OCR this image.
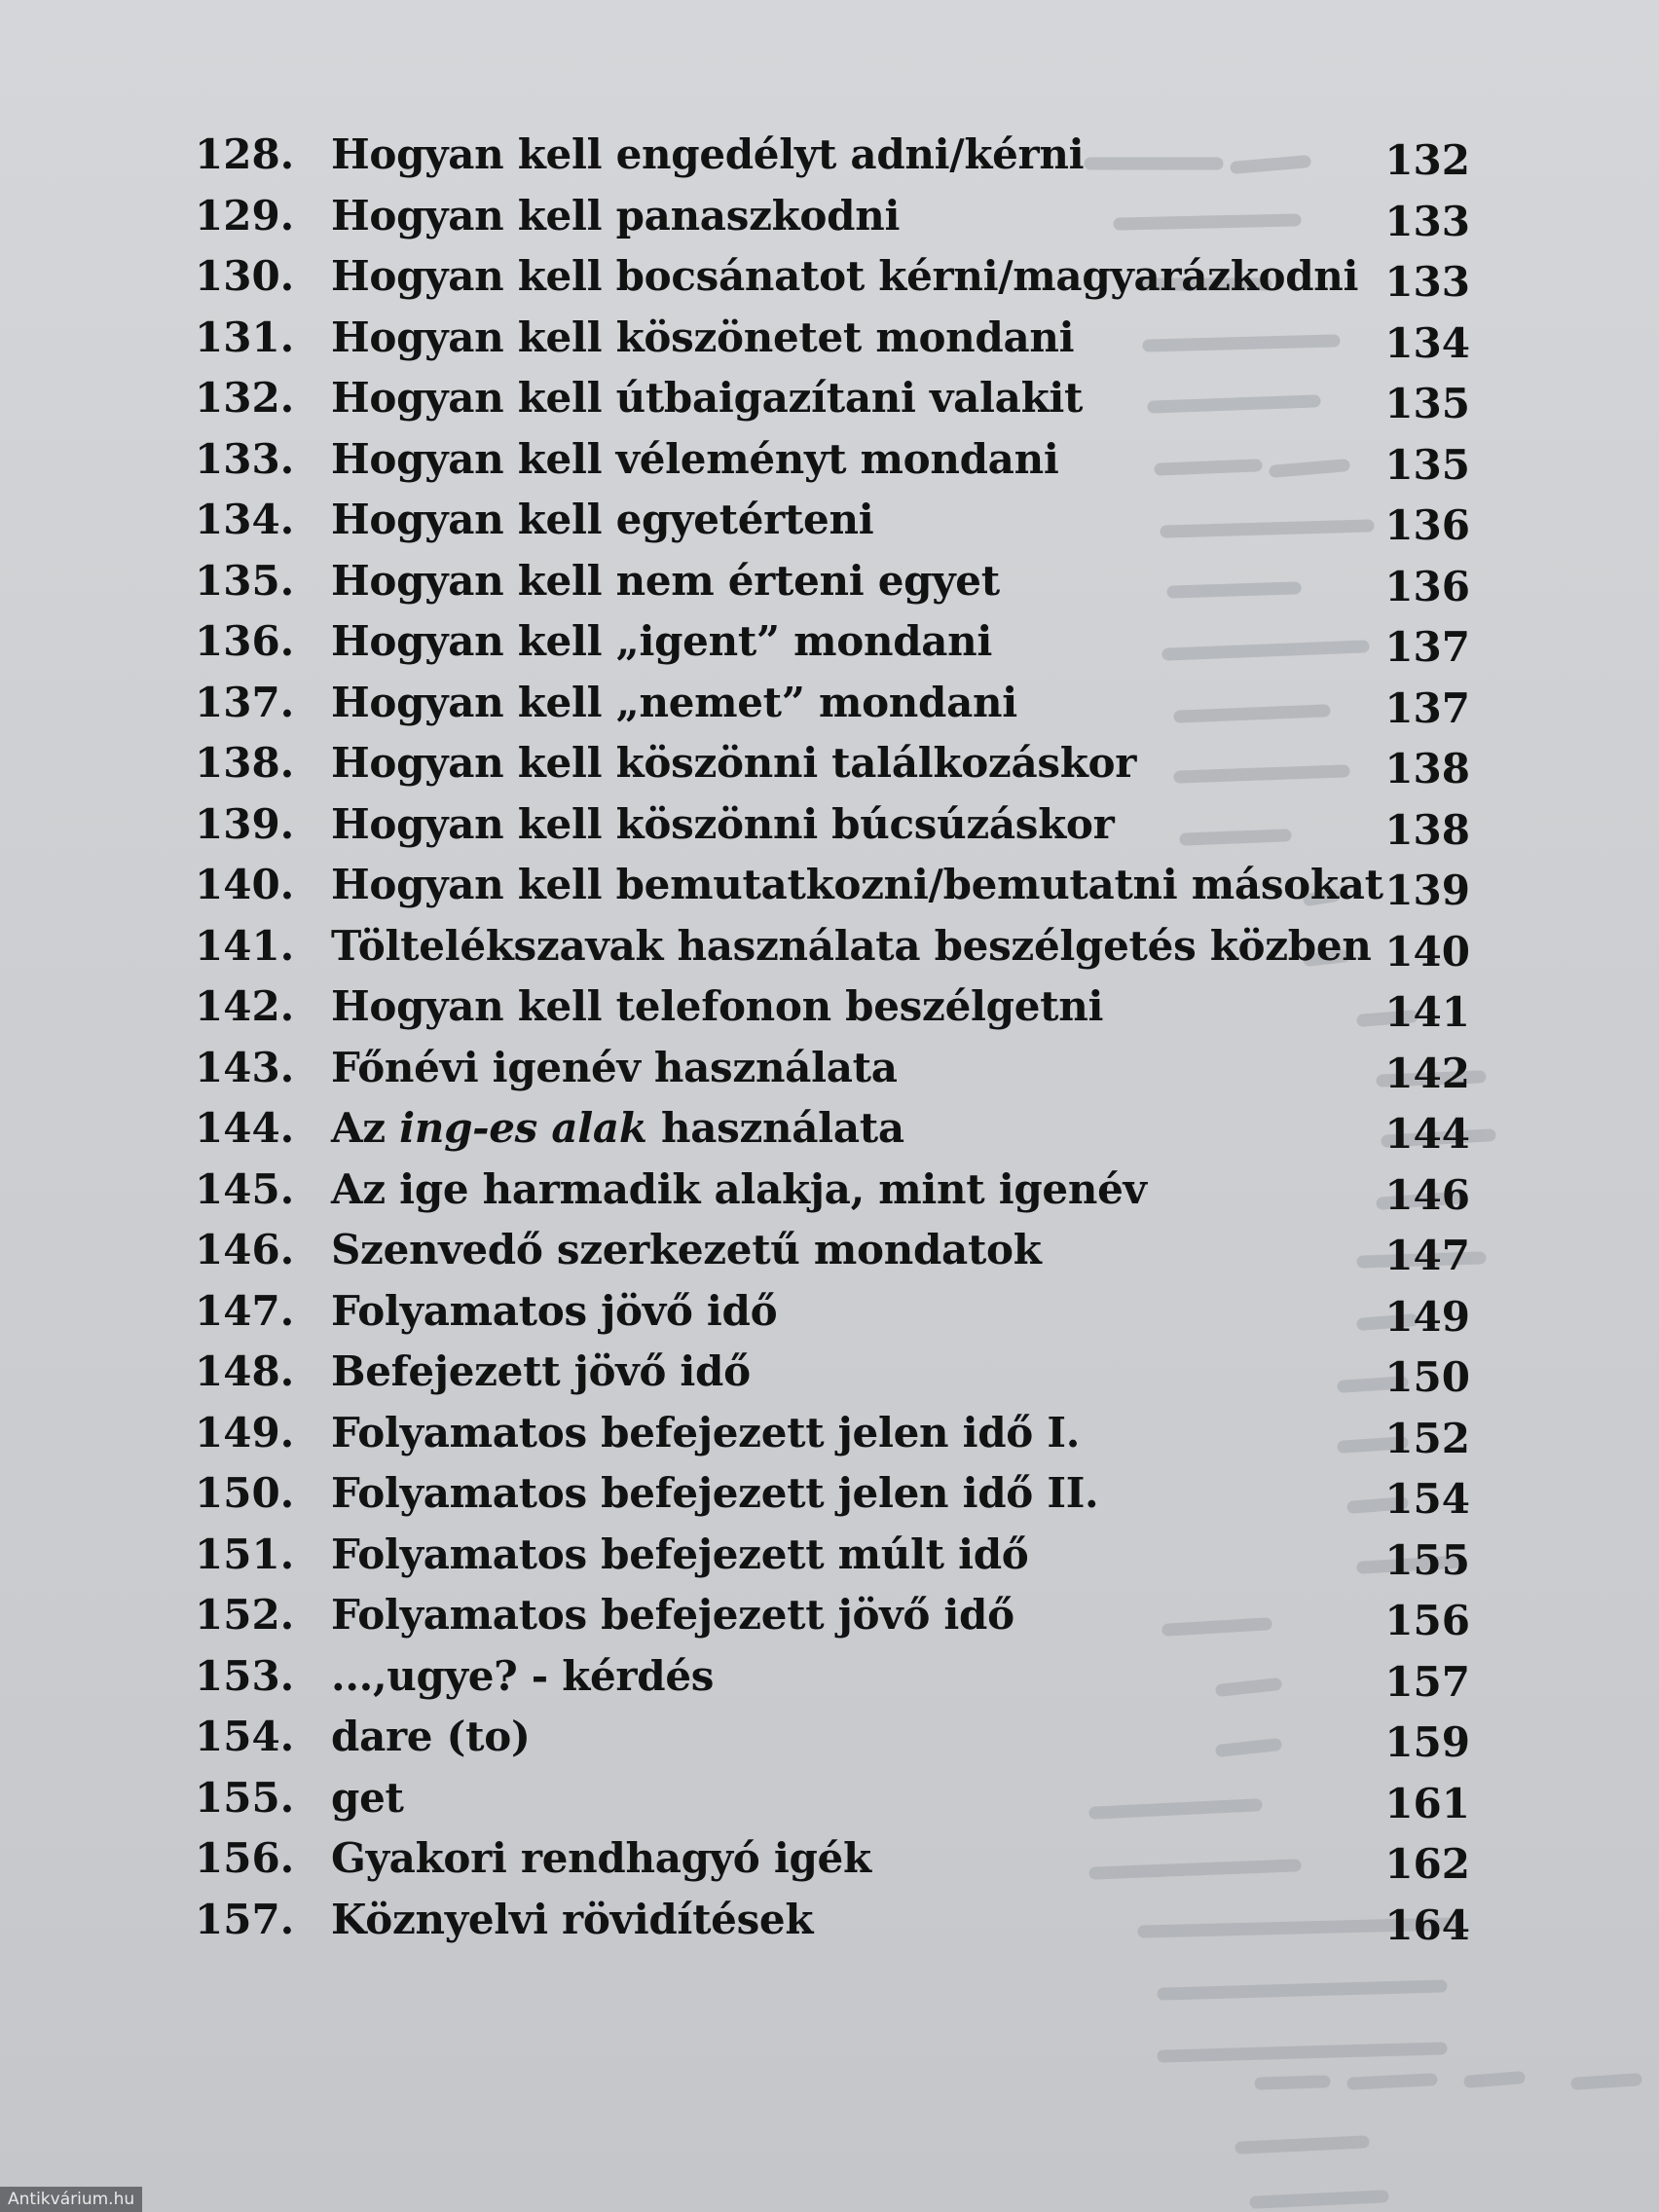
128. Hogyan kell engedélyt adni/kérni	132
129. Hogyan kell panaszkodni	133
130. Hogyan kell bocsánatot kérni/magyarázkodni 133
131. Hogyan kell köszönetet mondani	134
132. Hogyan kell útbaigazítani valakit	135
133. Hogyan kell véleményt mondani	135
134. Hogyan kell egyetérteni	136
135. Hogyan kell nem érteni egyet	136
136. Hogyan kell „igent” mondani	137
137. Hogyan kell „nemet” mondani	137
138. Hogyan kell köszönni találkozáskor	138
139. Hogyan kell köszönni búcsúzáskor	138
140. Hogyan kell bemutatkozni/bemutatni másokat 139
141. Töltelékszavak használata beszélgetés közben 140
142. Hogyan kell telefonon beszélgetni	141
143. Főnévi igenév használata	142
144. Az ing-es alak használata	144
145. Az ige harmadik alakja, mint igenév	146
146. Szenvedő szerkezetű mondatok	147
147. Folyamatos jövő idő	149
148. Befejezett jövő idő	150
149. Folyamatos befejezett jelen idő I.	152
150. Folyamatos befejezett jelen idő II.	154
151. Folyamatos befejezett múlt idő	155
152. Folyamatos befejezett jövő idő	156
153. ...,ugye? - kérdés	157
154. dare (to)	159
155. get	161
156. Gyakori rendhagyó igék	162
157. Köznyelvi rövidítések	164
Antikvárium.hu
